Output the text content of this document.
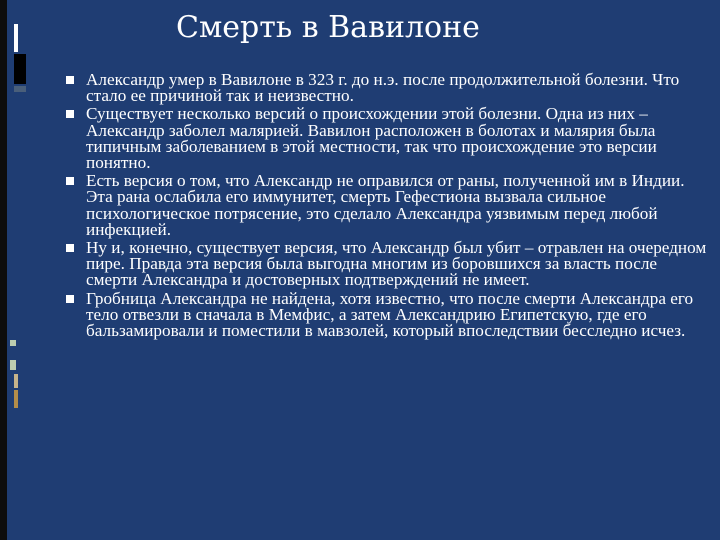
Смерть в Вавилоне
Александр умер в Вавилоне в 323 г. до н.э. после продолжительной болезни. Что стало ее причиной так и неизвестно.
Существует несколько версий о происхождении этой болезни. Одна из них – Александр заболел малярией. Вавилон расположен в болотах и малярия была типичным заболеванием в этой местности, так что происхождение это версии понятно.
Есть версия о том, что Александр не оправился от раны, полученной им в Индии. Эта рана ослабила его иммунитет, смерть Гефестиона вызвала сильное психологическое потрясение, это сделало Александра уязвимым перед любой инфекцией.
Ну и, конечно, существует версия, что Александр был убит – отравлен на очередном пире. Правда эта версия была выгодна многим из боровшихся за власть после смерти Александра и достоверных подтверждений не имеет.
Гробница Александра не найдена, хотя известно, что после смерти Александра его тело отвезли в сначала в Мемфис, а затем Александрию Египетскую, где его бальзамировали и поместили в мавзолей, который впоследствии бесследно исчез.
